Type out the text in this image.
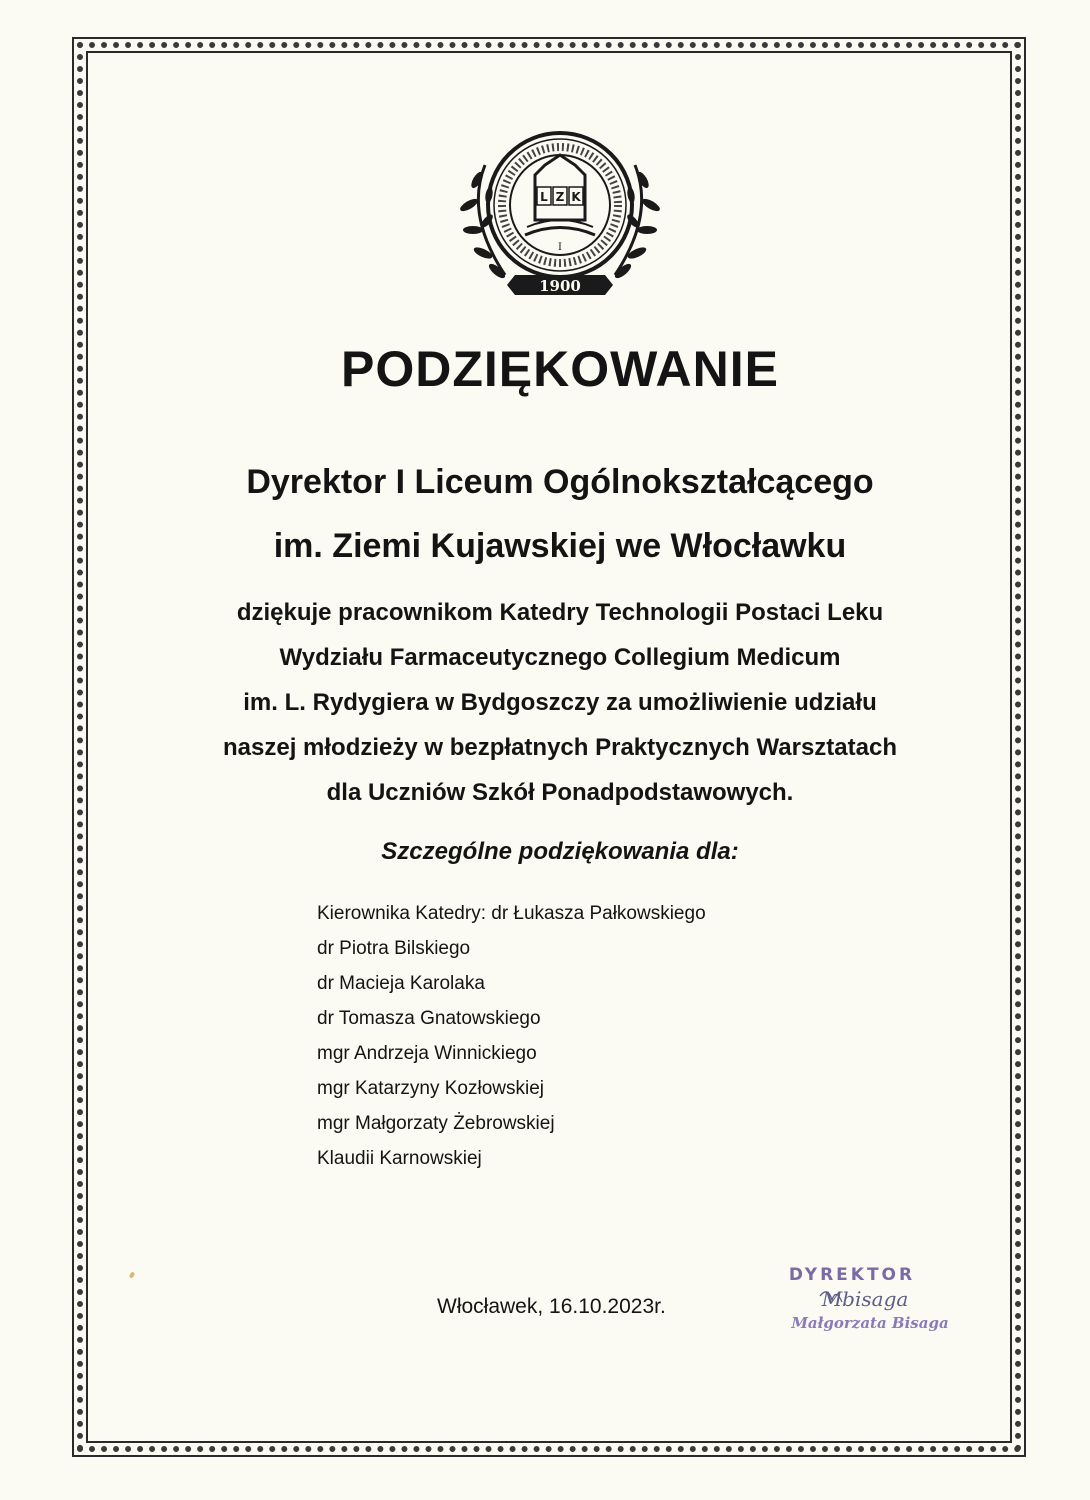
L Z K
I
1900
PODZIĘKOWANIE
Dyrektor I Liceum Ogólnokształcącego
im. Ziemi Kujawskiej we Włocławku
dziękuje pracownikom Katedry Technologii Postaci Leku
Wydziału Farmaceutycznego Collegium Medicum
im. L. Rydygiera w Bydgoszczy za umożliwienie udziału
naszej młodzieży w bezpłatnych Praktycznych Warsztatach
dla Uczniów Szkół Ponadpodstawowych.
Szczególne podziękowania dla:
Kierownika Katedry: dr Łukasza Pałkowskiego
dr Piotra Bilskiego
dr Macieja Karolaka
dr Tomasza Gnatowskiego
mgr Andrzeja Winnickiego
mgr Katarzyny Kozłowskiej
mgr Małgorzaty Żebrowskiej
Klaudii Karnowskiej
Włocławek, 16.10.2023r.
DYREKTOR
Mbisaga
Małgorzata Bisaga
